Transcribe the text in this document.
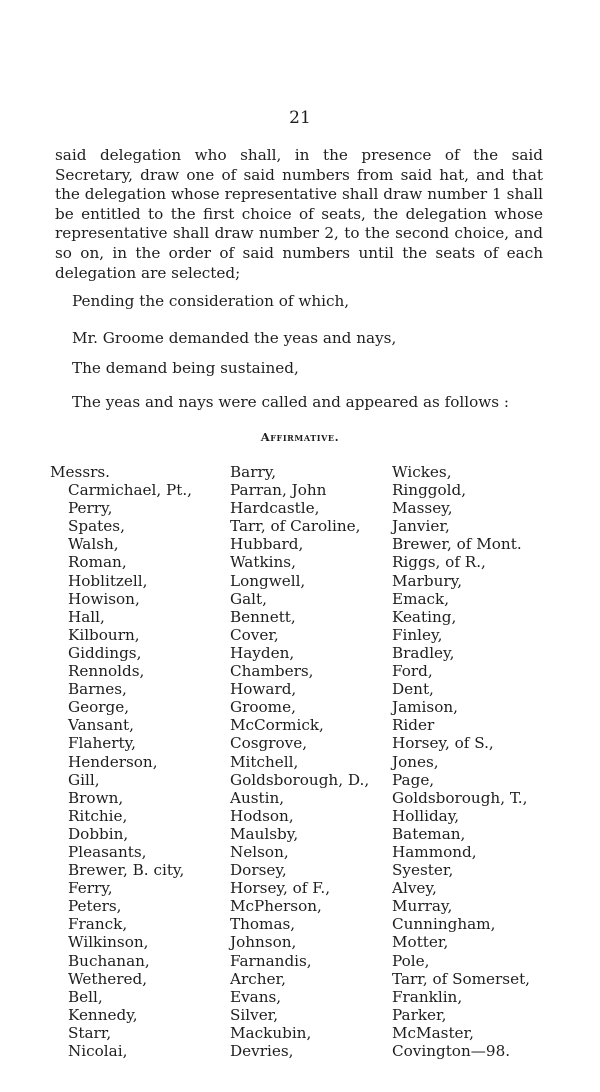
21

said delegation who shall, in the presence of the said Secretary, draw one of said numbers from said hat, and that the delegation whose representative shall draw number 1 shall be entitled to the first choice of seats, the delegation whose representative shall draw number 2, to the second choice, and so on, in the order of said numbers until the seats of each delegation are selected;

Pending the consideration of which,
Mr. Groome demanded the yeas and nays,
The demand being sustained,
The yeas and nays were called and appeared as follows :
Affirmative.
Messrs.
Carmichael, Pt.,
Perry,
Spates,
Walsh,
Roman,
Hoblitzell,
Howison,
Hall,
Kilbourn,
Giddings,
Rennolds,
Barnes,
George,
Vansant,
Flaherty,
Henderson,
Gill,
Brown,
Ritchie,
Dobbin,
Pleasants,
Brewer, B. city,
Ferry,
Peters,
Franck,
Wilkinson,
Buchanan,
Wethered,
Bell,
Kennedy,
Starr,
Nicolai,
Barry,
Parran, John
Hardcastle,
Tarr, of Caroline,
Hubbard,
Watkins,
Longwell,
Galt,
Bennett,
Cover,
Hayden,
Chambers,
Howard,
Groome,
McCormick,
Cosgrove,
Mitchell,
Goldsborough, D.,
Austin,
Hodson,
Maulsby,
Nelson,
Dorsey,
Horsey, of F.,
McPherson,
Thomas,
Johnson,
Farnandis,
Archer,
Evans,
Silver,
Mackubin,
Devries,
Wickes,
Ringgold,
Massey,
Janvier,
Brewer, of Mont.
Riggs, of R.,
Marbury,
Emack,
Keating,
Finley,
Bradley,
Ford,
Dent,
Jamison,
Rider
Horsey, of S.,
Jones,
Page,
Goldsborough, T.,
Holliday,
Bateman,
Hammond,
Syester,
Alvey,
Murray,
Cunningham,
Motter,
Pole,
Tarr, of Somerset,
Franklin,
Parker,
McMaster,
Covington—98.
